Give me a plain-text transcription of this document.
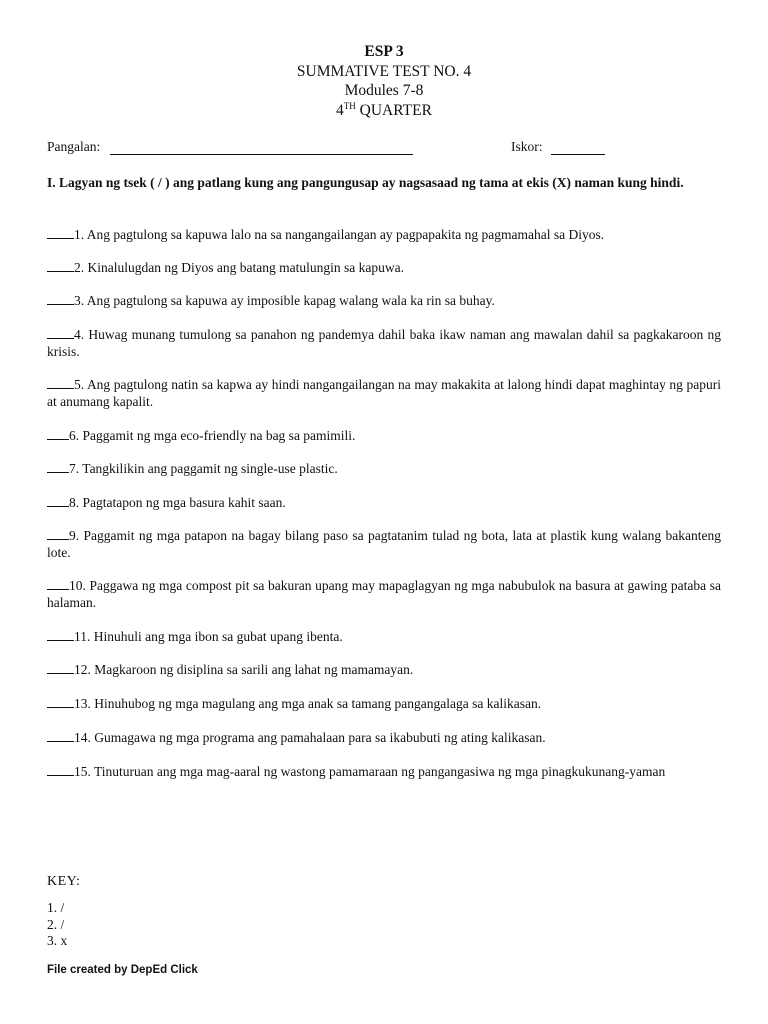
ESP 3
SUMMATIVE TEST NO. 4
Modules 7-8
4TH QUARTER
Pangalan:	Iskor:
I. Lagyan ng tsek ( / ) ang patlang kung ang pangungusap ay nagsasaad ng tama at ekis (X) naman kung hindi.
1. Ang pagtulong sa kapuwa lalo na sa nangangailangan ay pagpapakita ng pagmamahal sa Diyos.
2. Kinalulugdan ng Diyos ang batang matulungin sa kapuwa.
3. Ang pagtulong sa kapuwa ay imposible kapag walang wala ka rin sa buhay.
4. Huwag munang tumulong sa panahon ng pandemya dahil baka ikaw naman ang mawalan dahil sa pagkakaroon ng krisis.
5. Ang pagtulong natin sa kapwa ay hindi nangangailangan na may makakita at lalong hindi dapat maghintay ng papuri at anumang kapalit.
6. Paggamit ng mga eco-friendly na bag sa pamimili.
7. Tangkilikin ang paggamit ng single-use plastic.
8. Pagtatapon ng mga basura kahit saan.
9. Paggamit ng mga patapon na bagay bilang paso sa pagtatanim tulad ng bota, lata at plastik kung walang bakanteng lote.
10. Paggawa ng mga compost pit sa bakuran upang may mapaglagyan ng mga nabubulok na basura at gawing pataba sa halaman.
11. Hinuhuli ang mga ibon sa gubat upang ibenta.
12. Magkaroon ng disiplina sa sarili ang lahat ng mamamayan.
13. Hinuhubog ng mga magulang ang mga anak sa tamang pangangalaga sa kalikasan.
14. Gumagawa ng mga programa ang pamahalaan para sa ikabubuti ng ating kalikasan.
15. Tinuturuan ang mga mag-aaral ng wastong pamamaraan ng pangangasiwa ng mga pinagkukunang-yaman
KEY:
1. /
2. /
3. x
File created by DepEd Click
